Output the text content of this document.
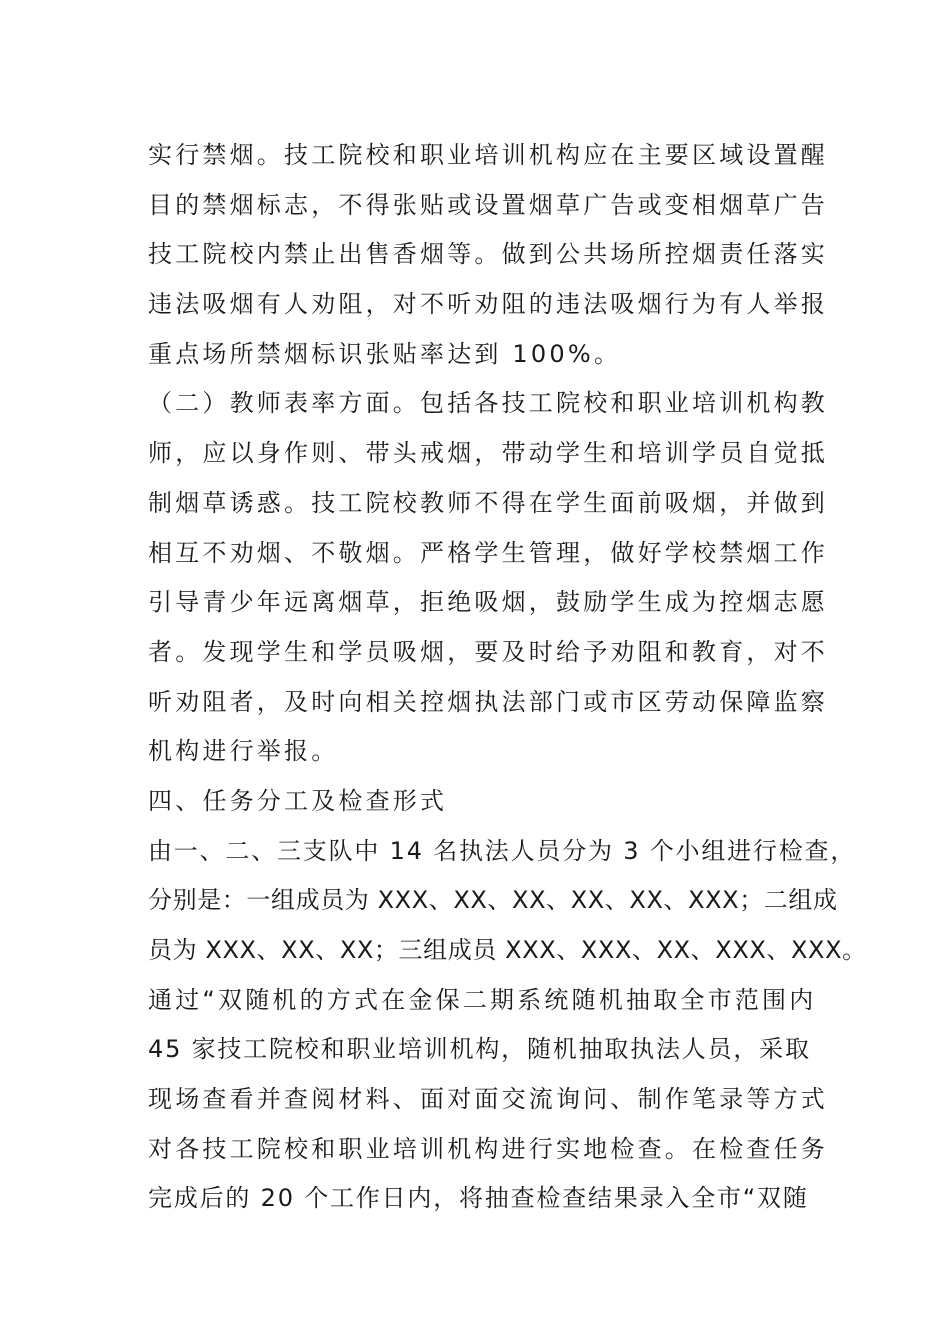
实行禁烟。技工院校和职业培训机构应在主要区域设置醒
目的禁烟标志，不得张贴或设置烟草广告或变相烟草广告
技工院校内禁止出售香烟等。做到公共场所控烟责任落实
违法吸烟有人劝阻，对不听劝阻的违法吸烟行为有人举报
重点场所禁烟标识张贴率达到 100%。
（二）教师表率方面。包括各技工院校和职业培训机构教
师，应以身作则、带头戒烟，带动学生和培训学员自觉抵
制烟草诱惑。技工院校教师不得在学生面前吸烟，并做到
相互不劝烟、不敬烟。严格学生管理，做好学校禁烟工作
引导青少年远离烟草，拒绝吸烟，鼓励学生成为控烟志愿
者。发现学生和学员吸烟，要及时给予劝阻和教育，对不
听劝阻者，及时向相关控烟执法部门或市区劳动保障监察
机构进行举报。
四、任务分工及检查形式
由一、二、三支队中 14 名执法人员分为 3 个小组进行检查，
分别是：一组成员为 XXX、XX、XX、XX、XX、XXX；二组成
员为 XXX、XX、XX；三组成员 XXX、XXX、XX、XXX、XXX。
通过“双随机的方式在金保二期系统随机抽取全市范围内
45 家技工院校和职业培训机构，随机抽取执法人员，采取
现场查看并查阅材料、面对面交流询问、制作笔录等方式
对各技工院校和职业培训机构进行实地检查。在检查任务
完成后的 20 个工作日内，将抽查检查结果录入全市“双随
